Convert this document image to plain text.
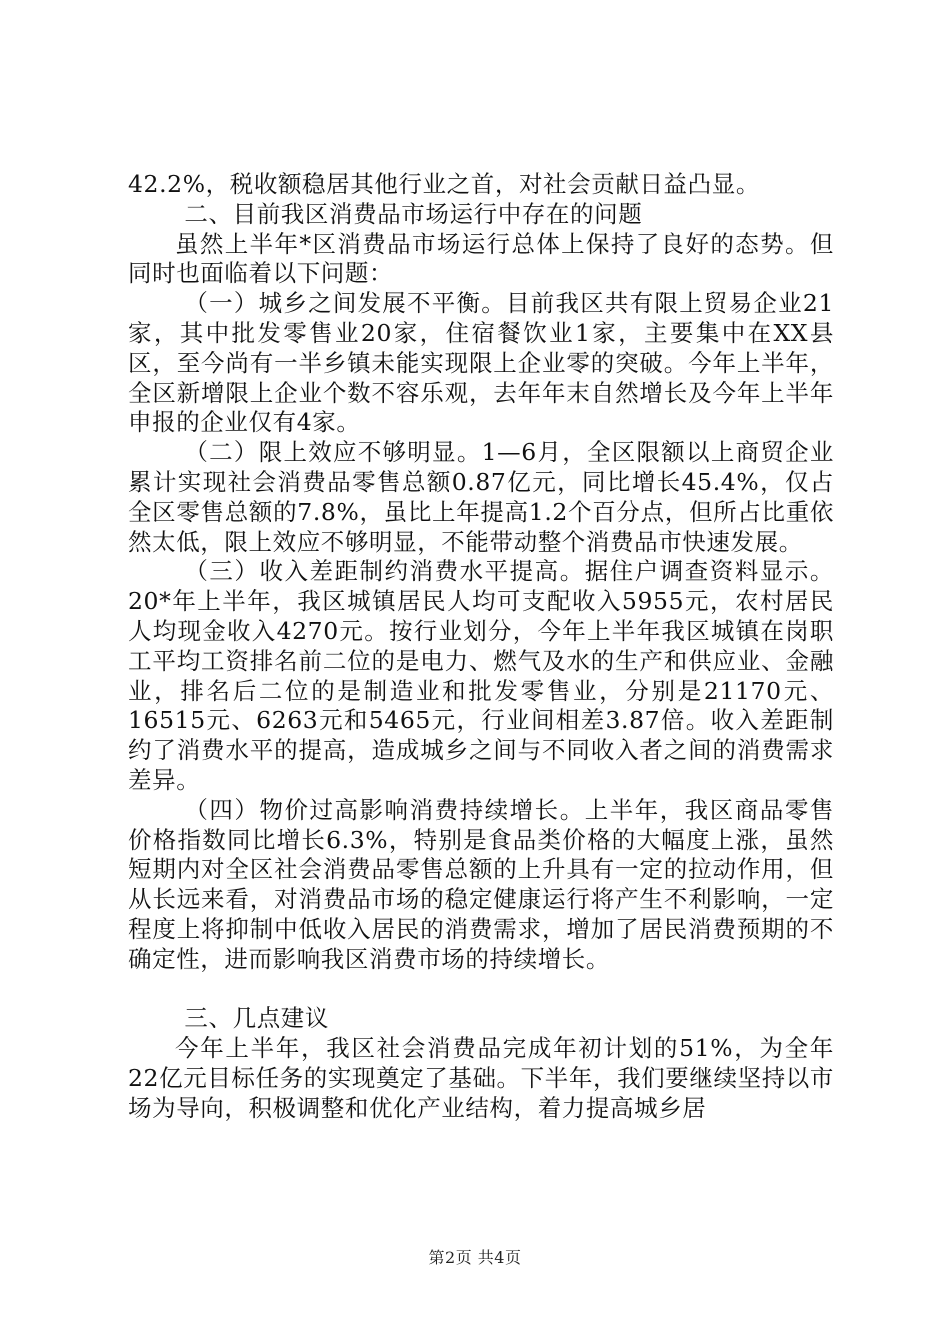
42.2%，税收额稳居其他行业之首，对社会贡献日益凸显。

二、目前我区消费品市场运行中存在的问题

虽然上半年*区消费品市场运行总体上保持了良好的态势。但同时也面临着以下问题：

（一）城乡之间发展不平衡。目前我区共有限上贸易企业21家，其中批发零售业20家，住宿餐饮业1家，主要集中在XX县区，至今尚有一半乡镇未能实现限上企业零的突破。今年上半年，全区新增限上企业个数不容乐观，去年年末自然增长及今年上半年申报的企业仅有4家。

（二）限上效应不够明显。1—6月，全区限额以上商贸企业累计实现社会消费品零售总额0.87亿元，同比增长45.4%，仅占全区零售总额的7.8%，虽比上年提高1.2个百分点，但所占比重依然太低，限上效应不够明显，不能带动整个消费品市快速发展。

（三）收入差距制约消费水平提高。据住户调查资料显示。20*年上半年，我区城镇居民人均可支配收入5955元，农村居民人均现金收入4270元。按行业划分，今年上半年我区城镇在岗职工平均工资排名前二位的是电力、燃气及水的生产和供应业、金融业，排名后二位的是制造业和批发零售业，分别是21170元、16515元、6263元和5465元，行业间相差3.87倍。收入差距制约了消费水平的提高，造成城乡之间与不同收入者之间的消费需求差异。

（四）物价过高影响消费持续增长。上半年，我区商品零售价格指数同比增长6.3%，特别是食品类价格的大幅度上涨，虽然短期内对全区社会消费品零售总额的上升具有一定的拉动作用，但从长远来看，对消费品市场的稳定健康运行将产生不利影响，一定程度上将抑制中低收入居民的消费需求，增加了居民消费预期的不确定性，进而影响我区消费市场的持续增长。

三、几点建议

今年上半年，我区社会消费品完成年初计划的51%，为全年22亿元目标任务的实现奠定了基础。下半年，我们要继续坚持以市场为导向，积极调整和优化产业结构，着力提高城乡居

第2页 共4页
